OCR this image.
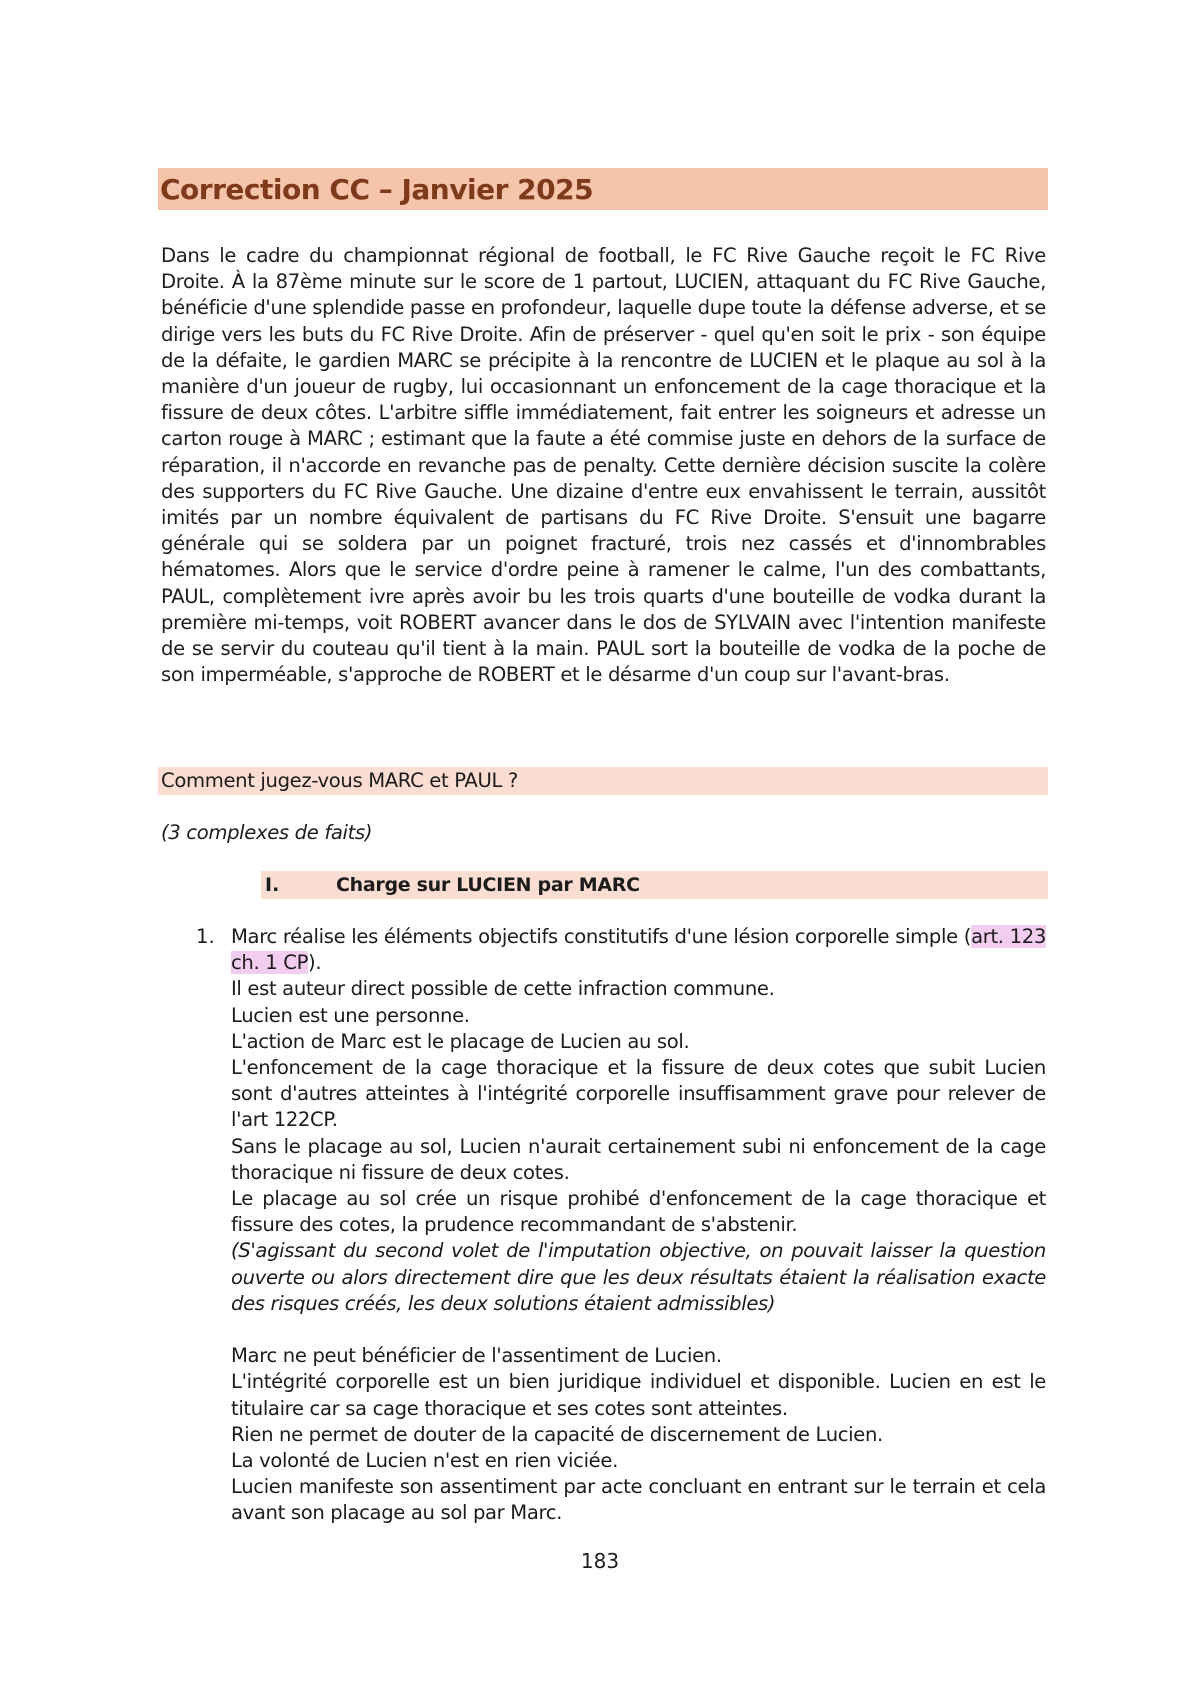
Correction CC – Janvier 2025
Dans le cadre du championnat régional de football, le FC Rive Gauche reçoit le FC Rive Droite. À la 87ème minute sur le score de 1 partout, LUCIEN, attaquant du FC Rive Gauche, bénéficie d'une splendide passe en profondeur, laquelle dupe toute la défense adverse, et se dirige vers les buts du FC Rive Droite. Afin de préserver - quel qu'en soit le prix - son équipe de la défaite, le gardien MARC se précipite à la rencontre de LUCIEN et le plaque au sol à la manière d'un joueur de rugby, lui occasionnant un enfoncement de la cage thoracique et la fissure de deux côtes. L'arbitre siffle immédiatement, fait entrer les soigneurs et adresse un carton rouge à MARC ; estimant que la faute a été commise juste en dehors de la surface de réparation, il n'accorde en revanche pas de penalty. Cette dernière décision suscite la colère des supporters du FC Rive Gauche. Une dizaine d'entre eux envahissent le terrain, aussitôt imités par un nombre équivalent de partisans du FC Rive Droite. S'ensuit une bagarre générale qui se soldera par un poignet fracturé, trois nez cassés et d'innombrables hématomes. Alors que le service d'ordre peine à ramener le calme, l'un des combattants, PAUL, complètement ivre après avoir bu les trois quarts d'une bouteille de vodka durant la première mi-temps, voit ROBERT avancer dans le dos de SYLVAIN avec l'intention manifeste de se servir du couteau qu'il tient à la main. PAUL sort la bouteille de vodka de la poche de son imperméable, s'approche de ROBERT et le désarme d'un coup sur l'avant-bras.
Comment jugez-vous MARC et PAUL ?
(3 complexes de faits)
I.	Charge sur LUCIEN par MARC
1. Marc réalise les éléments objectifs constitutifs d'une lésion corporelle simple (art. 123 ch. 1 CP).

Il est auteur direct possible de cette infraction commune.

Lucien est une personne.

L'action de Marc est le placage de Lucien au sol.

L'enfoncement de la cage thoracique et la fissure de deux cotes que subit Lucien sont d'autres atteintes à l'intégrité corporelle insuffisamment grave pour relever de l'art 122CP.

Sans le placage au sol, Lucien n'aurait certainement subi ni enfoncement de la cage thoracique ni fissure de deux cotes.

Le placage au sol crée un risque prohibé d'enfoncement de la cage thoracique et fissure des cotes, la prudence recommandant de s'abstenir.

(S'agissant du second volet de l'imputation objective, on pouvait laisser la question ouverte ou alors directement dire que les deux résultats étaient la réalisation exacte des risques créés, les deux solutions étaient admissibles)

Marc ne peut bénéficier de l'assentiment de Lucien.

L'intégrité corporelle est un bien juridique individuel et disponible. Lucien en est le titulaire car sa cage thoracique et ses cotes sont atteintes.

Rien ne permet de douter de la capacité de discernement de Lucien.

La volonté de Lucien n'est en rien viciée.

Lucien manifeste son assentiment par acte concluant en entrant sur le terrain et cela avant son placage au sol par Marc.

183
